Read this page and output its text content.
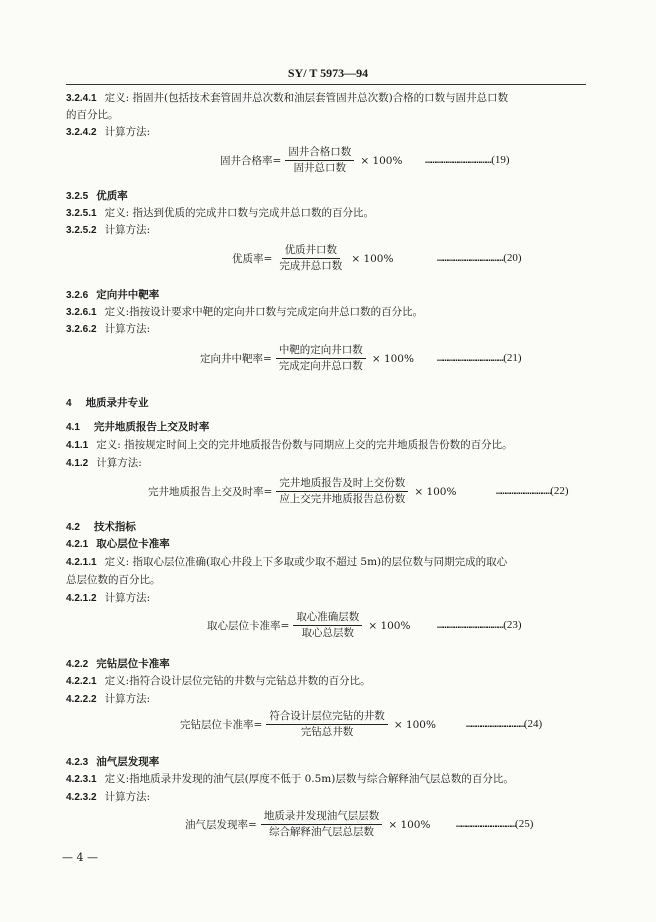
SY/ T 5973—94
3.2.4.1 定义: 指固井(包括技术套管固井总次数和油层套管固井总次数)合格的口数与固井总口数
的百分比。
3.2.4.2 计算方法:
3.2.5 优质率
3.2.5.1 定义: 指达到优质的完成井口数与完成井总口数的百分比。
3.2.5.2 计算方法:
3.2.6 定向井中靶率
3.2.6.1 定义:指按设计要求中靶的定向井口数与完成定向井总口数的百分比。
3.2.6.2 计算方法:
4 地质录井专业
4.1 完井地质报告上交及时率
4.1.1 定义: 指按规定时间上交的完井地质报告份数与同期应上交的完井地质报告份数的百分比。
4.1.2 计算方法:
4.2 技术指标
4.2.1 取心层位卡准率
4.2.1.1 定义: 指取心层位准确(取心井段上下多取或少取不超过 5m)的层位数与同期完成的取心
总层位数的百分比。
4.2.1.2 计算方法:
4.2.2 完钻层位卡准率
4.2.2.1 定义:指符合设计层位完钻的井数与完钻总井数的百分比。
4.2.2.2 计算方法:
4.2.3 油气层发现率
4.2.3.1 定义:指地质录井发现的油气层(厚度不低于 0.5m)层数与综合解释油气层总数的百分比。
4.2.3.2 计算方法:
固井合格率= $\frac{\text{固井合格口数}}{\text{固井总口数}} \times 100\%$ ………………………………(19)
优质率= $\frac{\text{优质井口数}}{\text{完成井总口数}} \times 100\%$	………………………………(20)
定向井中靶率= $\frac{\text{中靶的定向井口数}}{\text{完成定向井总口数}} \times 100\%$ ………………………………(21)
完井地质报告上交及时率= $\frac{\text{完井地质报告及时上交份数}}{\text{应上交完井地质报告总份数}} \times 100\%$	………………………………(22)
取心层位卡准率= $\frac{\text{取心准确层数}}{\text{取心总层数}} \times 100\%$	………………………………(23)
完钻层位卡准率= $\frac{\text{符合设计层位完钻的井数}}{\text{完钻总井数}} \times 100\%$	………………………………(24)
油气层发现率= $\frac{\text{地质录井发现油气层层数}}{\text{综合解释油气层总层数}} \times 100\%$	………………………………(25)
— 4 —
